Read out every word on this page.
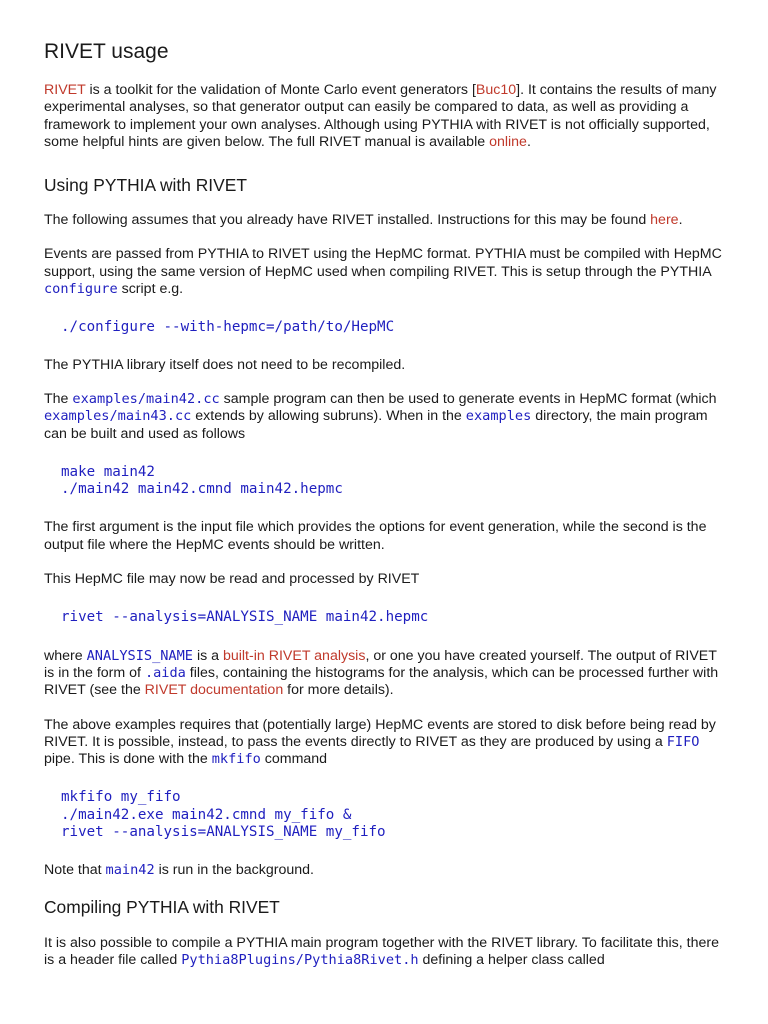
RIVET usage

RIVET is a toolkit for the validation of Monte Carlo event generators [Buc10]. It contains the results of many experimental analyses, so that generator output can easily be compared to data, as well as providing a framework to implement your own analyses. Although using PYTHIA with RIVET is not officially supported, some helpful hints are given below. The full RIVET manual is available online.

Using PYTHIA with RIVET

The following assumes that you already have RIVET installed. Instructions for this may be found here.

Events are passed from PYTHIA to RIVET using the HepMC format. PYTHIA must be compiled with HepMC support, using the same version of HepMC used when compiling RIVET. This is setup through the PYTHIA configure script e.g.

./configure --with-hepmc=/path/to/HepMC

The PYTHIA library itself does not need to be recompiled.

The examples/main42.cc sample program can then be used to generate events in HepMC format (which examples/main43.cc extends by allowing subruns). When in the examples directory, the main program can be built and used as follows

make main42
./main42 main42.cmnd main42.hepmc

The first argument is the input file which provides the options for event generation, while the second is the output file where the HepMC events should be written.

This HepMC file may now be read and processed by RIVET

rivet --analysis=ANALYSIS_NAME main42.hepmc

where ANALYSIS_NAME is a built-in RIVET analysis, or one you have created yourself. The output of RIVET is in the form of .aida files, containing the histograms for the analysis, which can be processed further with RIVET (see the RIVET documentation for more details).

The above examples requires that (potentially large) HepMC events are stored to disk before being read by RIVET. It is possible, instead, to pass the events directly to RIVET as they are produced by using a FIFO pipe. This is done with the mkfifo command

mkfifo my_fifo
./main42.exe main42.cmnd my_fifo &
rivet --analysis=ANALYSIS_NAME my_fifo

Note that main42 is run in the background.

Compiling PYTHIA with RIVET

It is also possible to compile a PYTHIA main program together with the RIVET library. To facilitate this, there is a header file called Pythia8Plugins/Pythia8Rivet.h defining a helper class called
